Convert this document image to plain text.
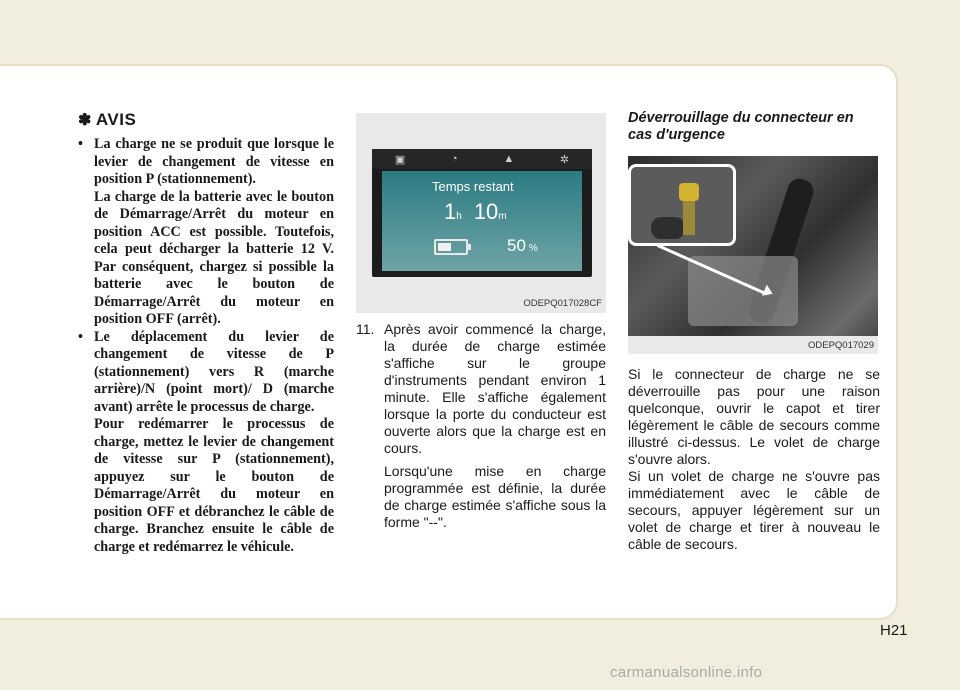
✽ AVIS

• La charge ne se produit que lorsque le levier de changement de vitesse en position P (stationnement).

La charge de la batterie avec le bouton de Démarrage/Arrêt du moteur en position ACC est possible. Toutefois, cela peut décharger la batterie 12 V. Par conséquent, chargez si possible la batterie avec le bouton de Démarrage/Arrêt du moteur en position OFF (arrêt).

• Le déplacement du levier de changement de vitesse de P (stationnement) vers R (marche arrière)/N (point mort)/ D (marche avant) arrête le processus de charge.

Pour redémarrer le processus de charge, mettez le levier de changement de vitesse sur P (stationnement), appuyez sur le bouton de Démarrage/Arrêt du moteur en position OFF et débranchez le câble de charge. Branchez ensuite le câble de charge et redémarrez le véhicule.

▣	◔	▲	✲
Temps restant
1h 10m
50 %
ODEPQ017028CF
11. Après avoir commencé la charge, la durée de charge estimée s'affiche sur le groupe d'instruments pendant environ 1 minute. Elle s'affiche également lorsque la porte du conducteur est ouverte alors que la charge est en cours.

Lorsqu'une mise en charge programmée est définie, la durée de charge estimée s'affiche sous la forme "--".
Déverrouillage du connecteur en cas d'urgence
ODEPQ017029

Si le connecteur de charge ne se déverrouille pas pour une raison quelconque, ouvrir le capot et tirer légèrement le câble de secours comme illustré ci-dessus. Le volet de charge s'ouvre alors.

Si un volet de charge ne s'ouvre pas immédiatement avec le câble de secours, appuyer légèrement sur un volet de charge et tirer à nouveau le câble de secours.

H21
carmanualsonline.info
